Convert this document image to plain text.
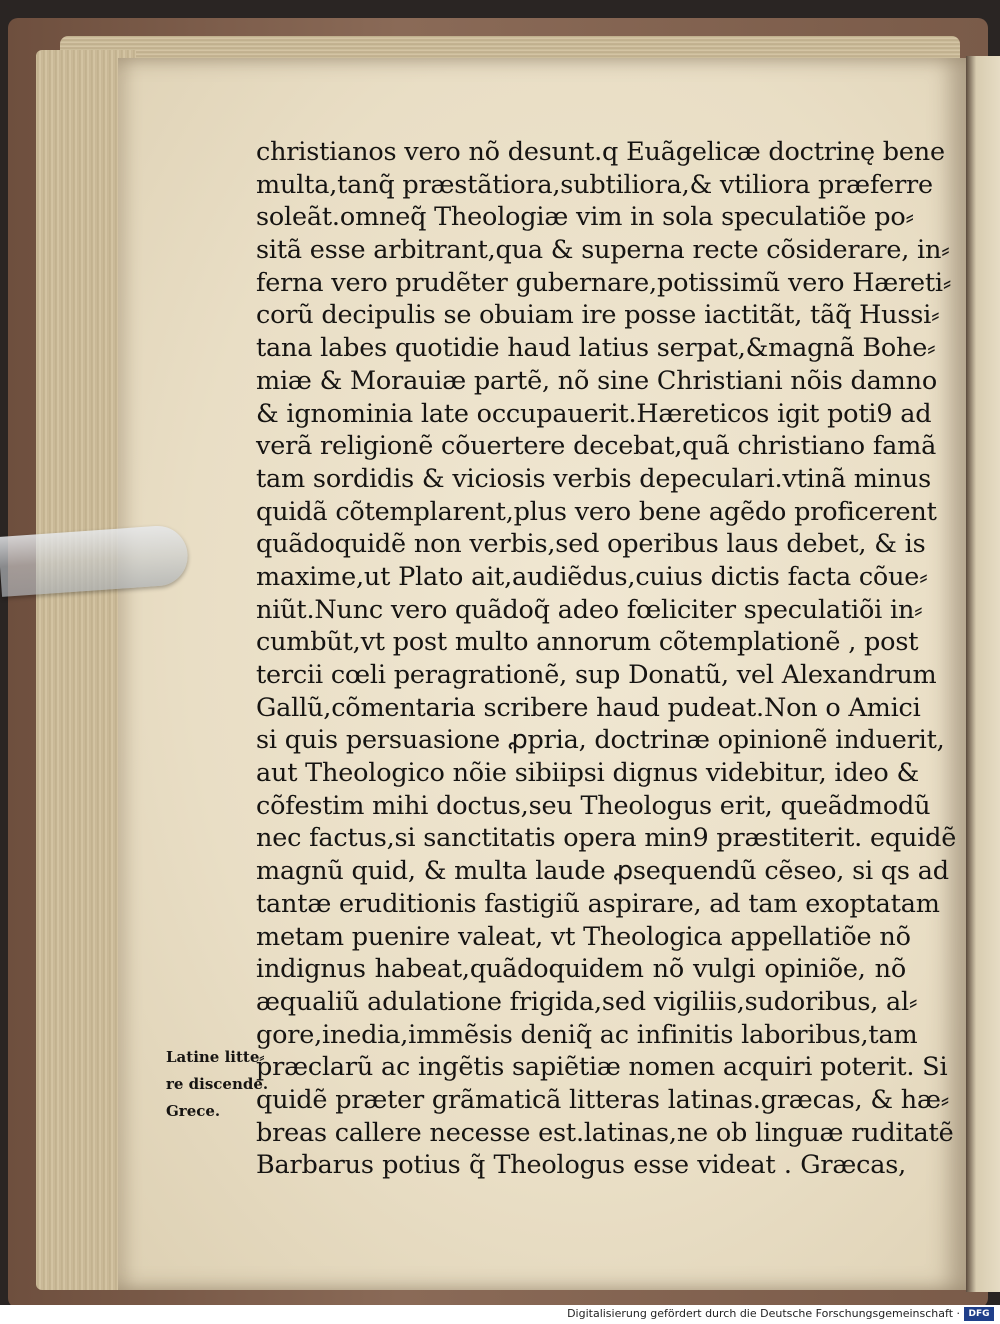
christianos vero nõ desunt.q Euãgelicæ doctrinę bene
multa,tanq̃ præstãtiora,subtiliora,& vtiliora præferre
soleãt.omneq̃ Theologiæ vim in sola speculatiõe po⸗
sitã esse arbitrant,qua & superna recte cõsiderare, in⸗
ferna vero prudẽter gubernare,potissimũ vero Hæreti⸗
corũ decipulis se obuiam ire posse iactitãt, tãq̃ Hussi⸗
tana labes quotidie haud latius serpat,&magnã Bohe⸗
miæ & Morauiæ partẽ, nõ sine Christiani nõis damno
& ignominia late occupauerit.Hæreticos igit poti9 ad
verã religionẽ cõuertere decebat,quã christiano famã
tam sordidis & viciosis verbis depeculari.vtinã minus
quidã cõtemplarent,plus vero bene agẽdo proficerent
quãdoquidẽ non verbis,sed operibus laus debet, & is
maxime,ut Plato ait,audiẽdus,cuius dictis facta cõue⸗
niũt.Nunc vero quãdoq̃ adeo fœliciter speculatiõi in⸗
cumbũt,vt post multo annorum cõtemplationẽ , post
tercii cœli peragrationẽ, sup Donatũ, vel Alexandrum
Gallũ,cõmentaria scribere haud pudeat.Non o Amici
si quis persuasione ꝓpria, doctrinæ opinionẽ induerit,
aut Theologico nõie sibiipsi dignus videbitur, ideo &
cõfestim mihi doctus,seu Theologus erit, queãdmodũ
nec factus,si sanctitatis opera min9 præstiterit. equidẽ
magnũ quid, & multa laude ꝓsequendũ cẽseo, si qs ad
tantæ eruditionis fastigiũ aspirare, ad tam exoptatam
metam puenire valeat, vt Theologica appellatiõe nõ
indignus habeat,quãdoquidem nõ vulgi opiniõe, nõ
æqualiũ adulatione frigida,sed vigiliis,sudoribus, al⸗
gore,inedia,immẽsis deniq̃ ac infinitis laboribus,tam
præclarũ ac ingẽtis sapiẽtiæ nomen acquiri poterit. Si
quidẽ præter grãmaticã litteras latinas.græcas, & hæ⸗
breas callere necesse est.latinas,ne ob linguæ ruditatẽ
Barbarus potius q̃ Theologus esse videat . Græcas,
Latine litte⸗
re discende.
Grece.
Digitalisierung gefördert durch die Deutsche Forschungsgemeinschaft · DFG
